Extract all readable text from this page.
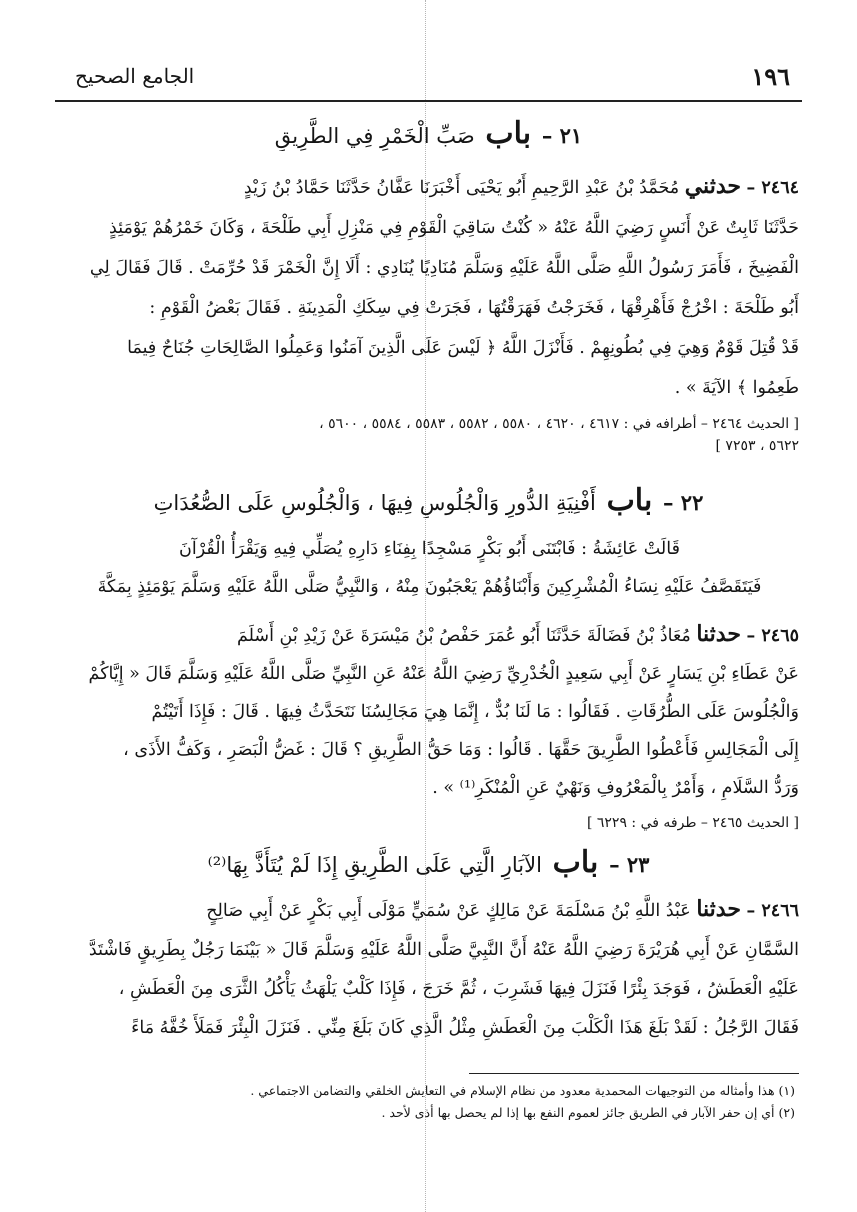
١٩٦
الجامع الصحيح
٢١ – باب صَبِّ الْخَمْرِ فِي الطَّرِيقِ
٢٤٦٤ – حدثني مُحَمَّدُ بْنُ عَبْدِ الرَّحِيمِ أَبُو يَحْيَى أَخْبَرَنَا عَفَّانُ حَدَّثَنَا حَمَّادُ بْنُ زَيْدٍ
حَدَّثَنَا ثَابِتٌ عَنْ أَنَسٍ رَضِيَ اللَّهُ عَنْهُ « كُنْتُ سَاقِيَ الْقَوْمِ فِي مَنْزِلِ أَبِي طَلْحَةَ ، وَكَانَ خَمْرُهُمْ يَوْمَئِذٍ
الْفَضِيخَ ، فَأَمَرَ رَسُولُ اللَّهِ صَلَّى اللَّهُ عَلَيْهِ وَسَلَّمَ مُنَادِيًا يُنَادِي : أَلَا إِنَّ الْخَمْرَ قَدْ حُرِّمَتْ . قَالَ فَقَالَ لِي
أَبُو طَلْحَةَ : اخْرُجْ فَأَهْرِقْهَا ، فَخَرَجْتُ فَهَرَقْتُهَا ، فَجَرَتْ فِي سِكَكِ الْمَدِينَةِ . فَقَالَ بَعْضُ الْقَوْمِ :
قَدْ قُتِلَ قَوْمٌ وَهِيَ فِي بُطُونِهِمْ . فَأَنْزَلَ اللَّهُ ﴿ لَيْسَ عَلَى الَّذِينَ آمَنُوا وَعَمِلُوا الصَّالِحَاتِ جُنَاحٌ فِيمَا
طَعِمُوا ﴾ الآيَةَ » .
[ الحديث ٢٤٦٤ – أطرافه في : ٤٦١٧ ، ٤٦٢٠ ، ٥٥٨٠ ، ٥٥٨٢ ، ٥٥٨٣ ، ٥٥٨٤ ، ٥٦٠٠ ،
٥٦٢٢ ، ٧٢٥٣ ]
٢٢ – باب أَفْنِيَةِ الدُّورِ وَالْجُلُوسِ فِيهَا ، وَالْجُلُوسِ عَلَى الصُّعُدَاتِ
قَالَتْ عَائِشَةُ : فَابْتَنَى أَبُو بَكْرٍ مَسْجِدًا بِفِنَاءِ دَارِهِ يُصَلِّي فِيهِ وَيَقْرَأُ الْقُرْآنَ
فَيَتَقَصَّفُ عَلَيْهِ نِسَاءُ الْمُشْرِكِينَ وَأَبْنَاؤُهُمْ يَعْجَبُونَ مِنْهُ ، وَالنَّبِيُّ صَلَّى اللَّهُ عَلَيْهِ وَسَلَّمَ يَوْمَئِذٍ بِمَكَّةَ
٢٤٦٥ – حدثنا مُعَاذُ بْنُ فَضَالَةَ حَدَّثَنَا أَبُو عُمَرَ حَفْصُ بْنُ مَيْسَرَةَ عَنْ زَيْدِ بْنِ أَسْلَمَ
عَنْ عَطَاءِ بْنِ يَسَارٍ عَنْ أَبِي سَعِيدٍ الْخُدْرِيِّ رَضِيَ اللَّهُ عَنْهُ عَنِ النَّبِيِّ صَلَّى اللَّهُ عَلَيْهِ وَسَلَّمَ قَالَ « إِيَّاكُمْ
وَالْجُلُوسَ عَلَى الطُّرُقَاتِ . فَقَالُوا : مَا لَنَا بُدٌّ ، إِنَّمَا هِيَ مَجَالِسُنَا نَتَحَدَّثُ فِيهَا . قَالَ : فَإِذَا أَتَيْتُمْ
إِلَى الْمَجَالِسِ فَأَعْطُوا الطَّرِيقَ حَقَّهَا . قَالُوا : وَمَا حَقُّ الطَّرِيقِ ؟ قَالَ : غَضُّ الْبَصَرِ ، وَكَفُّ الأَذَى ،
وَرَدُّ السَّلَامِ ، وَأَمْرٌ بِالْمَعْرُوفِ وَنَهْيٌ عَنِ الْمُنْكَرِ⁽¹⁾ » .
[ الحديث ٢٤٦٥ – طرفه في : ٦٢٢٩ ]
٢٣ – باب الآبَارِ الَّتِي عَلَى الطَّرِيقِ إِذَا لَمْ يُتَأَذَّ بِهَا⁽²⁾
٢٤٦٦ – حدثنا عَبْدُ اللَّهِ بْنُ مَسْلَمَةَ عَنْ مَالِكٍ عَنْ سُمَيٍّ مَوْلَى أَبِي بَكْرٍ عَنْ أَبِي صَالِحٍ
السَّمَّانِ عَنْ أَبِي هُرَيْرَةَ رَضِيَ اللَّهُ عَنْهُ أَنَّ النَّبِيَّ صَلَّى اللَّهُ عَلَيْهِ وَسَلَّمَ قَالَ « بَيْنَمَا رَجُلٌ بِطَرِيقٍ فَاشْتَدَّ
عَلَيْهِ الْعَطَشُ ، فَوَجَدَ بِئْرًا فَنَزَلَ فِيهَا فَشَرِبَ ، ثُمَّ خَرَجَ ، فَإِذَا كَلْبٌ يَلْهَثُ يَأْكُلُ الثَّرَى مِنَ الْعَطَشِ ،
فَقَالَ الرَّجُلُ : لَقَدْ بَلَغَ هَذَا الْكَلْبَ مِنَ الْعَطَشِ مِثْلُ الَّذِي كَانَ بَلَغَ مِنِّي . فَنَزَلَ الْبِئْرَ فَمَلَأَ خُفَّهُ مَاءً
(١) هذا وأمثاله من التوجيهات المحمدية معدود من نظام الإسلام في التعايش الخلقي والتضامن الاجتماعي .
(٢) أي إن حفر الآبار في الطريق جائز لعموم النفع بها إذا لم يحصل بها أذى لأحد .
